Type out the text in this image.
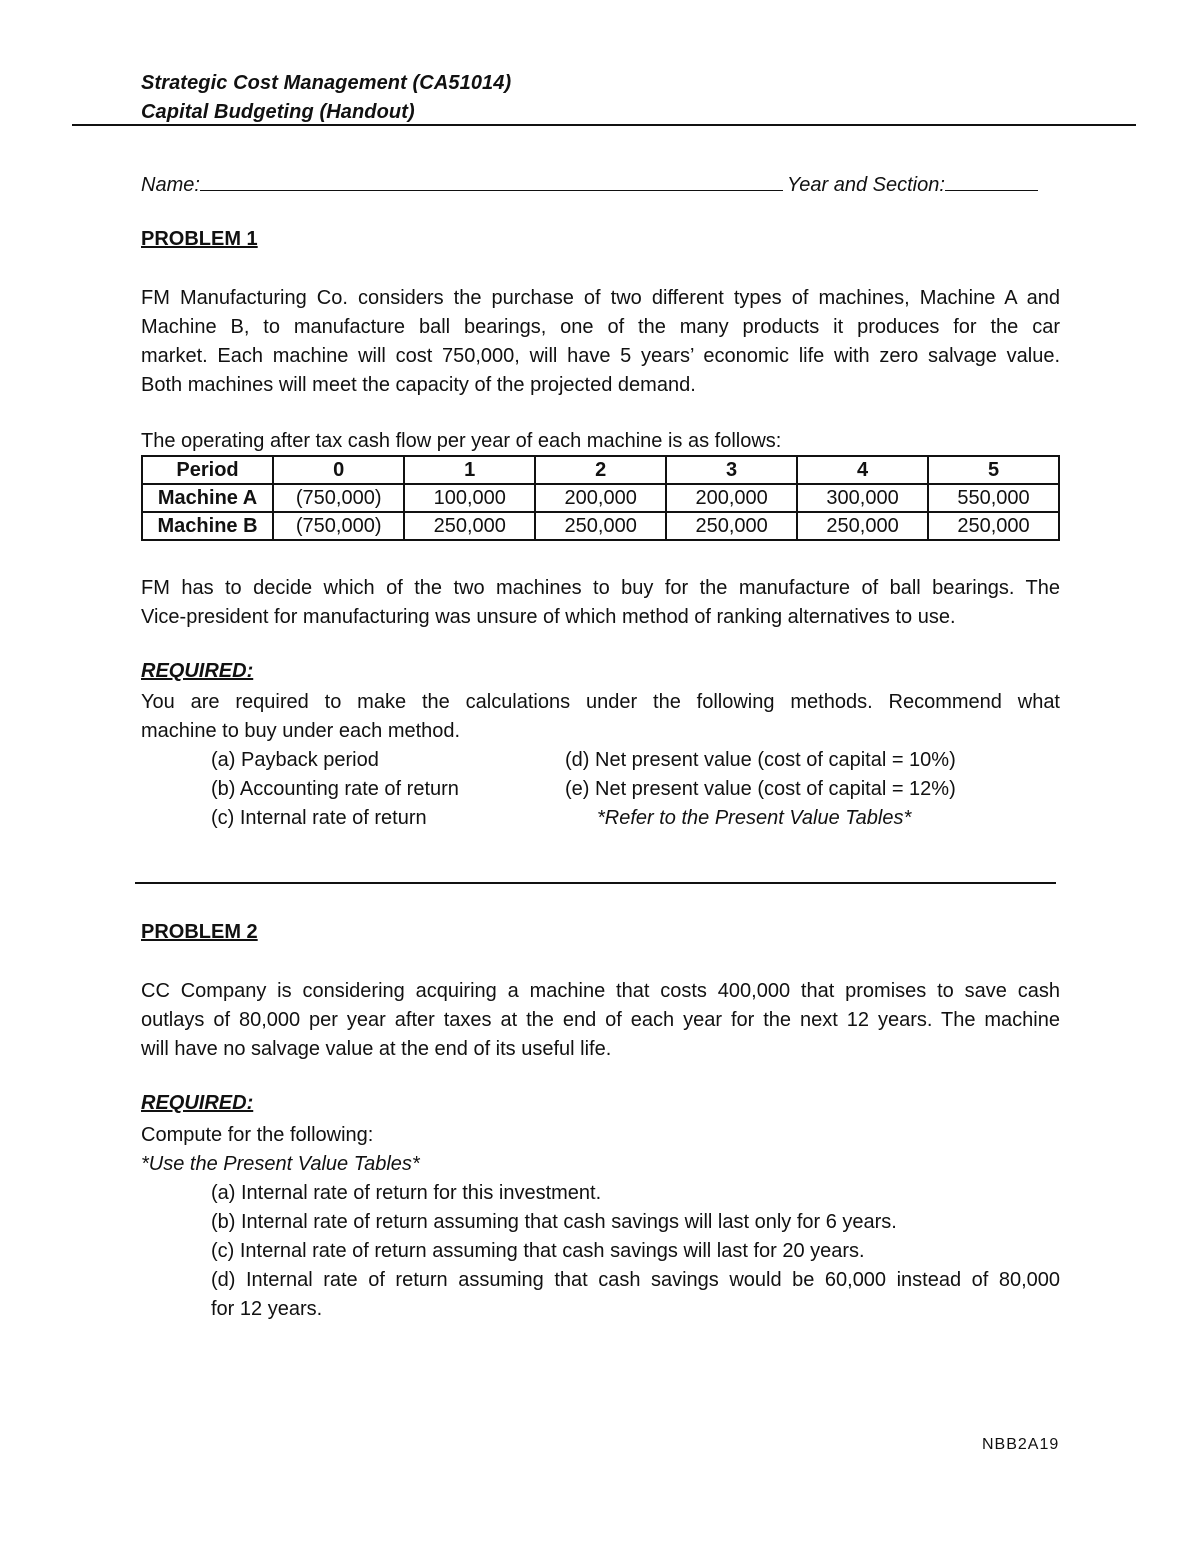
Strategic Cost Management (CA51014)
Capital Budgeting (Handout)
Name:	Year and Section:
PROBLEM 1
FM Manufacturing Co. considers the purchase of two different types of machines, Machine A and
Machine B, to manufacture ball bearings, one of the many products it produces for the car
market. Each machine will cost 750,000, will have 5 years’ economic life with zero salvage value.
Both machines will meet the capacity of the projected demand.
The operating after tax cash flow per year of each machine is as follows:
Period	0	1	2	3	4	5
Machine A	(750,000)	100,000	200,000	200,000	300,000	550,000
Machine B	(750,000)	250,000	250,000	250,000	250,000	250,000
FM has to decide which of the two machines to buy for the manufacture of ball bearings. The
Vice-president for manufacturing was unsure of which method of ranking alternatives to use.
REQUIRED:
You are required to make the calculations under the following methods. Recommend what
machine to buy under each method.
(a) Payback period
(b) Accounting rate of return
(c) Internal rate of return
(d) Net present value (cost of capital = 10%)
(e) Net present value (cost of capital = 12%)
*Refer to the Present Value Tables*
PROBLEM 2
CC Company is considering acquiring a machine that costs 400,000 that promises to save cash
outlays of 80,000 per year after taxes at the end of each year for the next 12 years. The machine
will have no salvage value at the end of its useful life.
REQUIRED:
Compute for the following:
*Use the Present Value Tables*
(a) Internal rate of return for this investment.
(b) Internal rate of return assuming that cash savings will last only for 6 years.
(c) Internal rate of return assuming that cash savings will last for 20 years.
(d) Internal rate of return assuming that cash savings would be 60,000 instead of 80,000
for 12 years.
NBB2A19
